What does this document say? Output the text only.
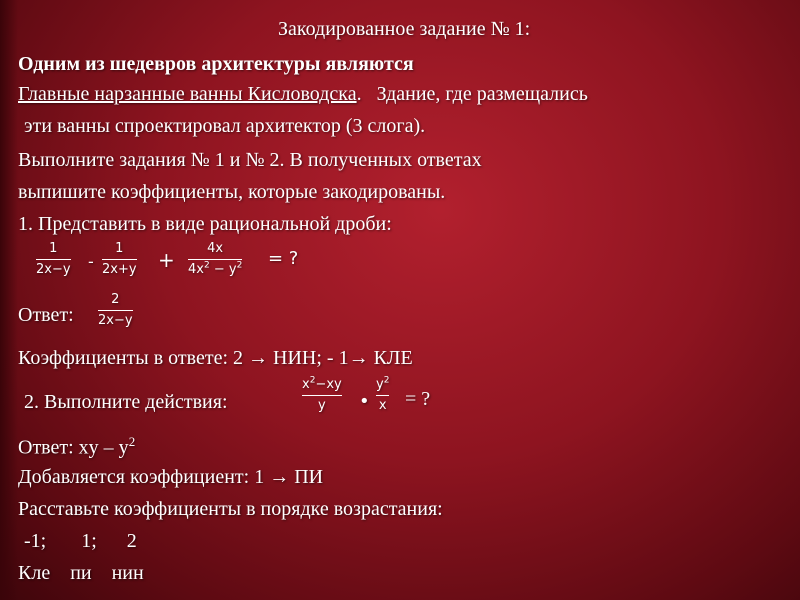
Закодированное задание № 1:
Одним из шедевров архитектуры являются
Главные нарзанные ванны Кисловодска. Здание, где размещались
эти ванны спроектировал архитектор (3 слога).
Выполните задания № 1 и № 2. В полученных ответах
выпишите коэффициенты, которые закодированы.
1. Представить в виде рациональной дроби:
1
2x−y -
1
2x+y + 4x
$4x^2 - y^2$ = ?
Ответ:
2
2x−y
Коэффициенты в ответе: 2 → НИН; - 1→ КЛЕ
2. Выполните действия:
$x^2-xy$
y •
$y^2$
x = ?
Ответ: xy – $y^2$
Добавляется коэффициент: 1 → ПИ
Расставьте коэффициенты в порядке возрастания:
-1;       1;      2
Кле    пи    нин
